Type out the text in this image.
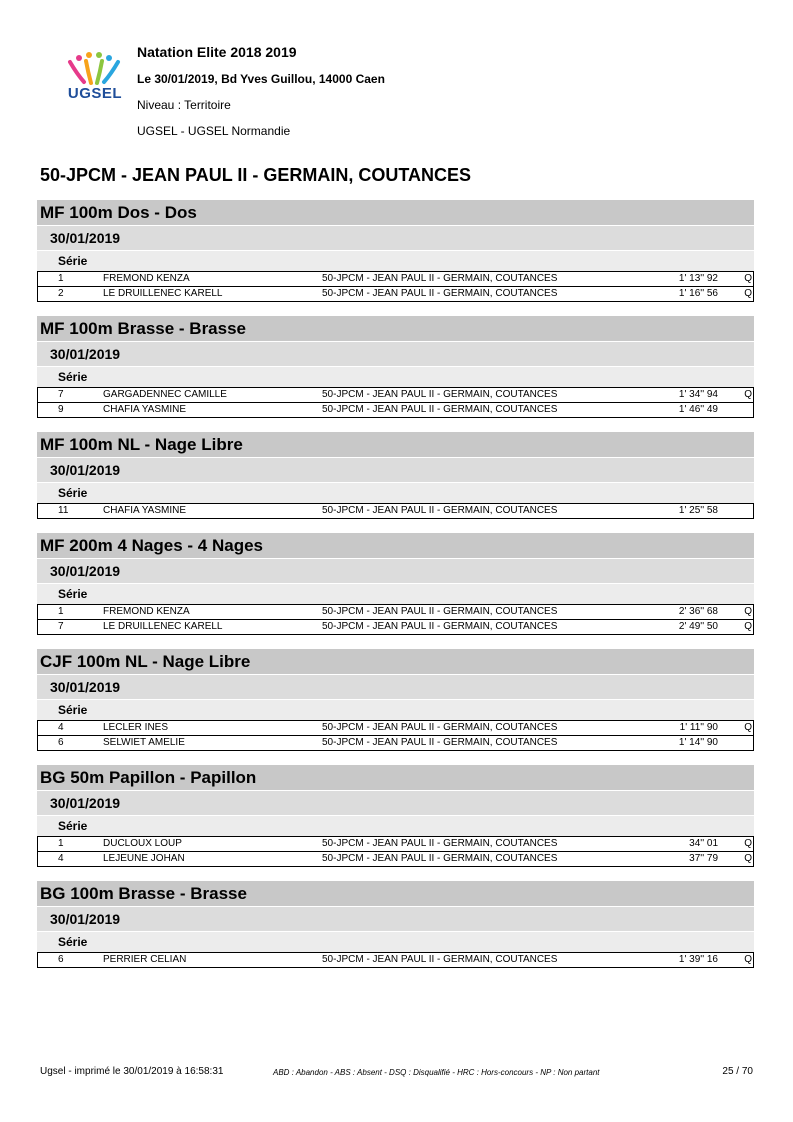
UGSEL
Natation Elite 2018 2019
Le 30/01/2019, Bd Yves Guillou, 14000 Caen
Niveau : Territoire
UGSEL - UGSEL Normandie
50-JPCM - JEAN PAUL II - GERMAIN, COUTANCES
MF 100m Dos - Dos
30/01/2019
Série
1	FREMOND KENZA	50-JPCM - JEAN PAUL II - GERMAIN, COUTANCES	1' 13'' 92	Q
2	LE DRUILLENEC KARELL	50-JPCM - JEAN PAUL II - GERMAIN, COUTANCES	1' 16'' 56	Q
MF 100m Brasse - Brasse
30/01/2019
Série
7	GARGADENNEC CAMILLE	50-JPCM - JEAN PAUL II - GERMAIN, COUTANCES	1' 34'' 94	Q
9	CHAFIA YASMINE	50-JPCM - JEAN PAUL II - GERMAIN, COUTANCES	1' 46'' 49
MF 100m NL - Nage Libre
30/01/2019
Série
11	CHAFIA YASMINE	50-JPCM - JEAN PAUL II - GERMAIN, COUTANCES	1' 25'' 58
MF 200m 4 Nages - 4 Nages
30/01/2019
Série
1	FREMOND KENZA	50-JPCM - JEAN PAUL II - GERMAIN, COUTANCES	2' 36'' 68	Q
7	LE DRUILLENEC KARELL	50-JPCM - JEAN PAUL II - GERMAIN, COUTANCES	2' 49'' 50	Q
CJF 100m NL - Nage Libre
30/01/2019
Série
4	LECLER INES	50-JPCM - JEAN PAUL II - GERMAIN, COUTANCES	1' 11'' 90	Q
6	SELWIET AMELIE	50-JPCM - JEAN PAUL II - GERMAIN, COUTANCES	1' 14'' 90
BG 50m Papillon - Papillon
30/01/2019
Série
1	DUCLOUX LOUP	50-JPCM - JEAN PAUL II - GERMAIN, COUTANCES	34'' 01	Q
4	LEJEUNE JOHAN	50-JPCM - JEAN PAUL II - GERMAIN, COUTANCES	37'' 79	Q
BG 100m Brasse - Brasse
30/01/2019
Série
6	PERRIER CELIAN	50-JPCM - JEAN PAUL II - GERMAIN, COUTANCES	1' 39'' 16	Q
Ugsel - imprimé le 30/01/2019 à 16:58:31	ABD : Abandon - ABS : Absent - DSQ : Disqualifié - HRC : Hors-concours - NP : Non partant	25 / 70
